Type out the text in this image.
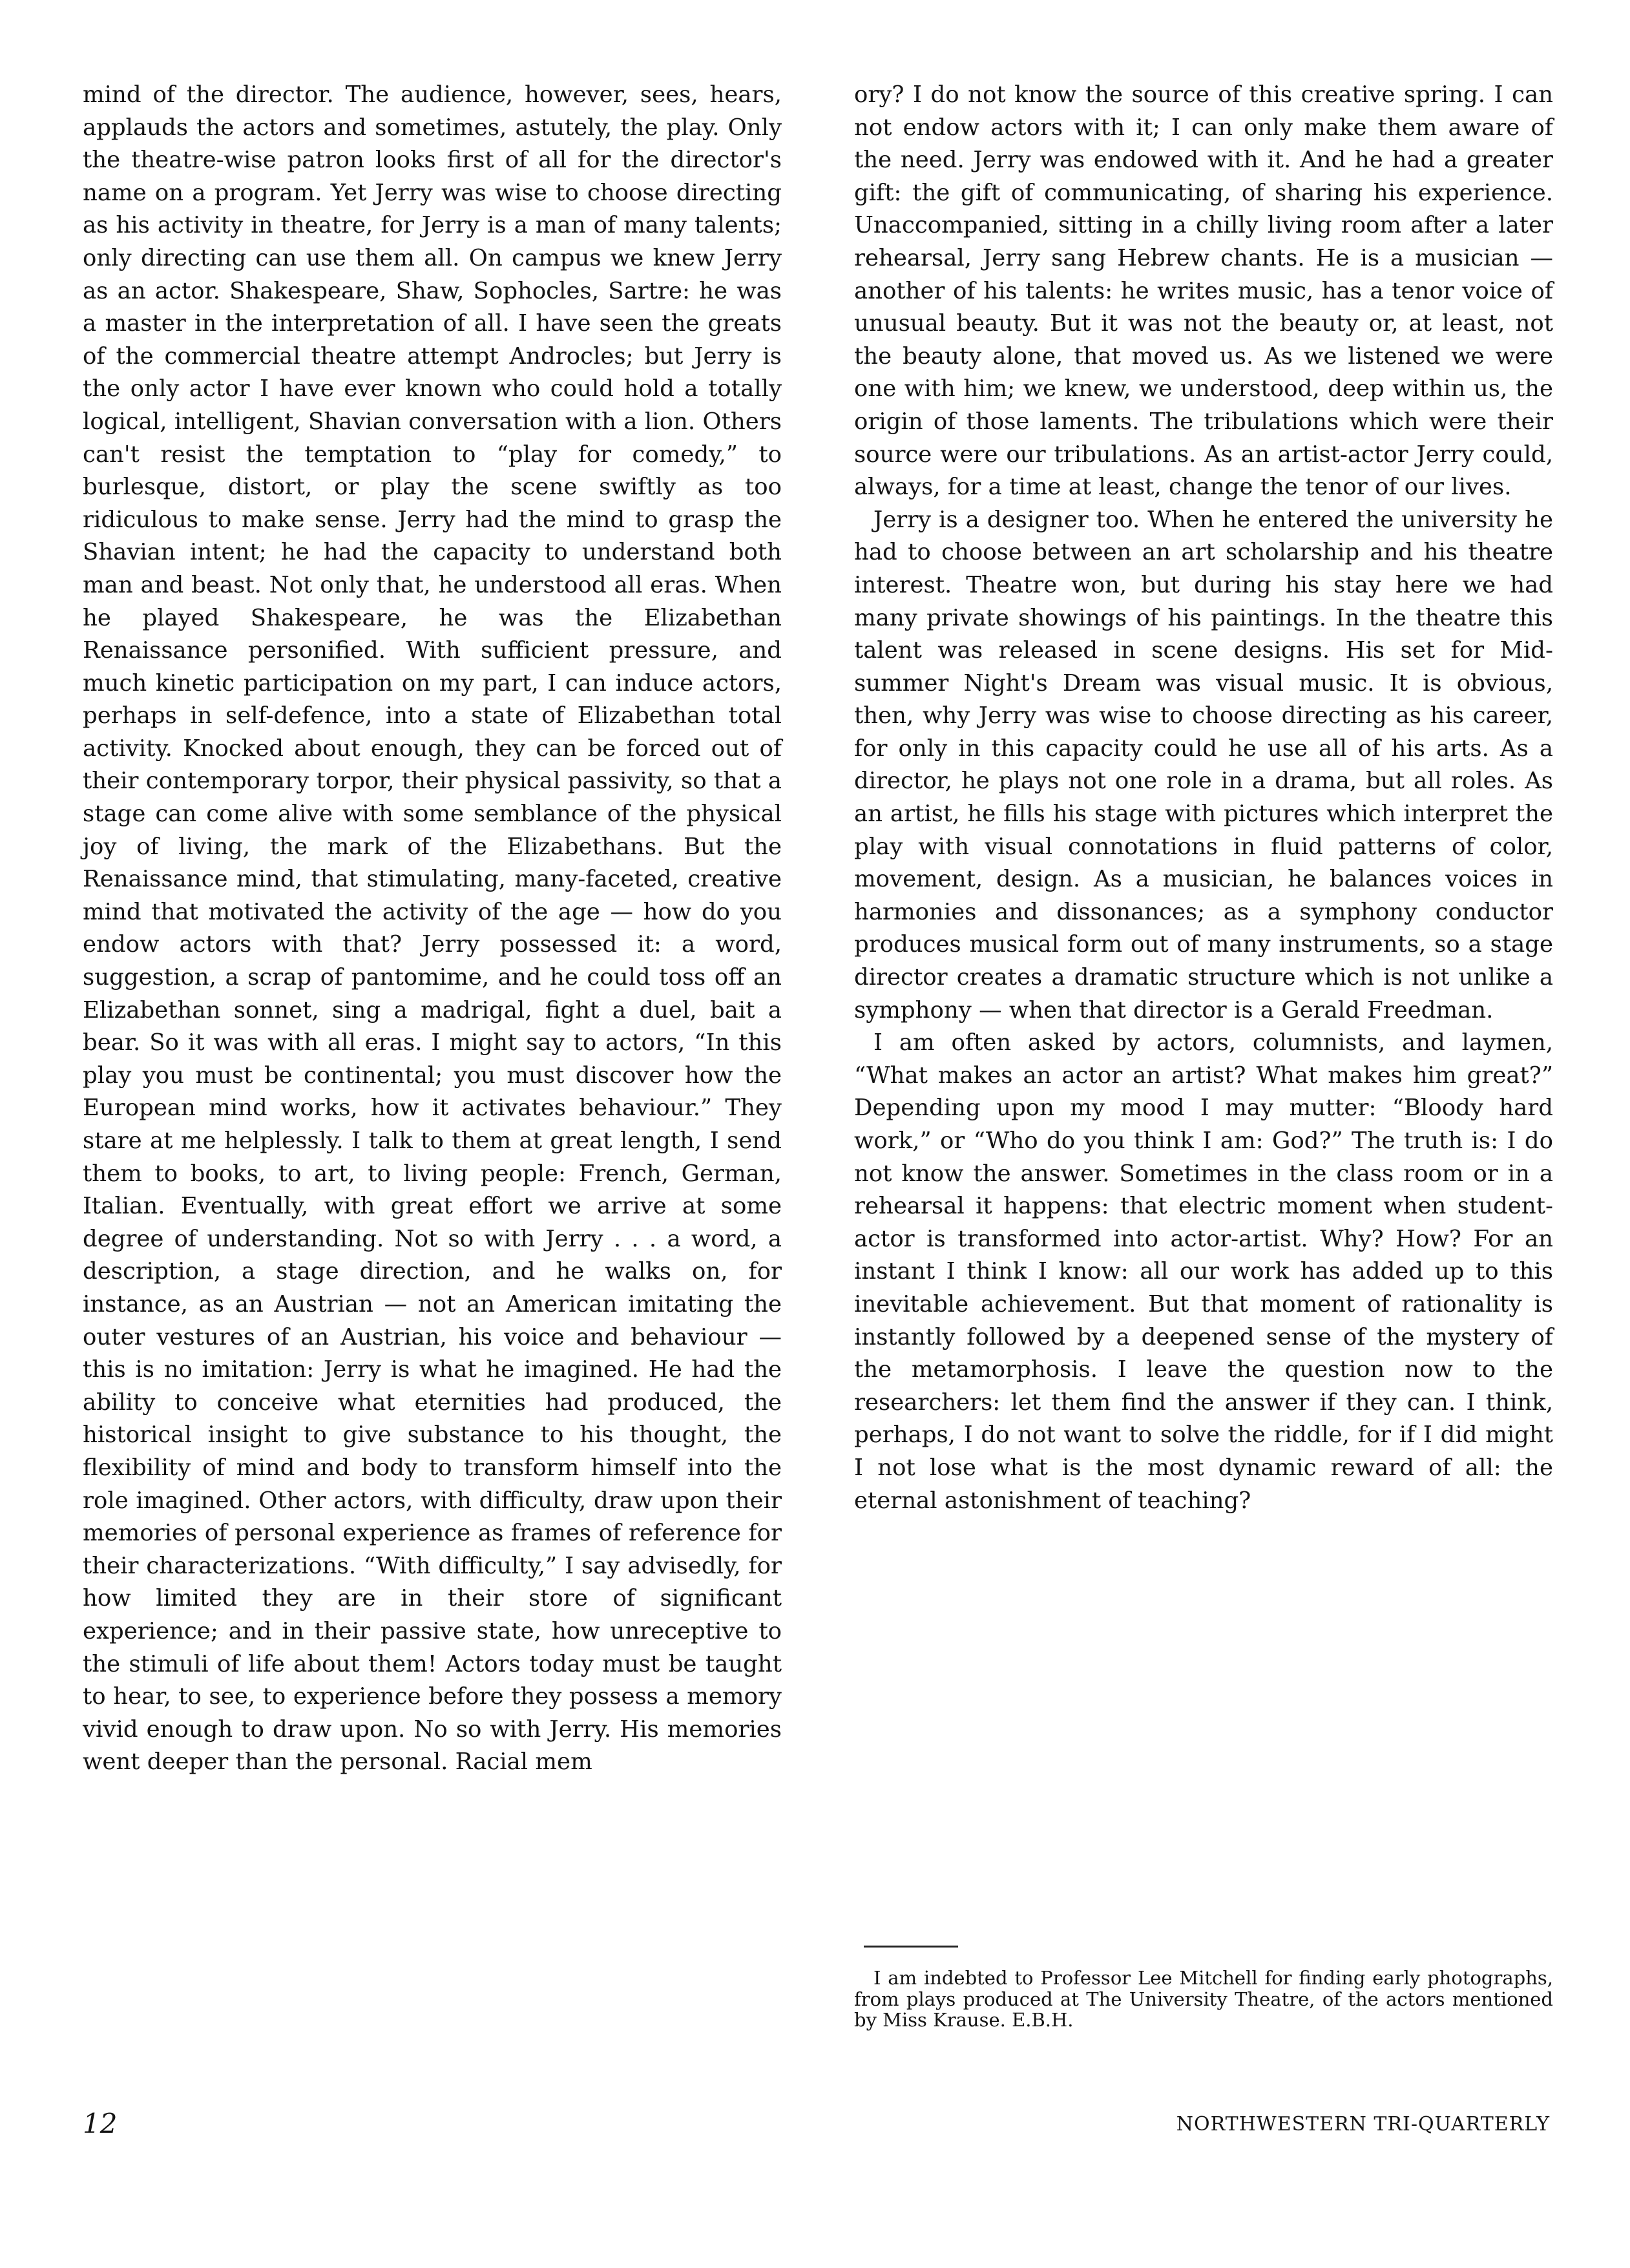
mind of the director. The audience, however, sees, hears, applauds the actors and sometimes, astutely, the play. Only the theatre-wise patron looks first of all for the director's name on a program. Yet Jerry was wise to choose directing as his activity in theatre, for Jerry is a man of many talents; only directing can use them all. On campus we knew Jerry as an actor. Shakespeare, Shaw, Sophocles, Sartre: he was a master in the interpretation of all. I have seen the greats of the commercial theatre attempt Androcles; but Jerry is the only actor I have ever known who could hold a totally logical, intelligent, Shavian conversation with a lion. Others can't resist the temptation to “play for comedy,” to burlesque, distort, or play the scene swiftly as too ridiculous to make sense. Jerry had the mind to grasp the Shavian intent; he had the capacity to understand both man and beast. Not only that, he understood all eras. When he played Shakespeare, he was the Elizabethan Renaissance personified. With sufficient pressure, and much kinetic participation on my part, I can induce actors, perhaps in self-defence, into a state of Elizabethan total activity. Knocked about enough, they can be forced out of their contemporary torpor, their physical passivity, so that a stage can come alive with some semblance of the physical joy of living, the mark of the Elizabethans. But the Renaissance mind, that stimulating, many-faceted, creative mind that motivated the activity of the age — how do you endow actors with that? Jerry possessed it: a word, suggestion, a scrap of pantomime, and he could toss off an Elizabethan sonnet, sing a madrigal, fight a duel, bait a bear. So it was with all eras. I might say to actors, “In this play you must be continental; you must discover how the European mind works, how it activates behaviour.” They stare at me helplessly. I talk to them at great length, I send them to books, to art, to living people: French, German, Italian. Eventually, with great effort we arrive at some degree of understanding. Not so with Jerry . . . a word, a description, a stage direction, and he walks on, for instance, as an Austrian — not an American imitating the outer vestures of an Austrian, his voice and behaviour — this is no imitation: Jerry is what he imagined. He had the ability to conceive what eternities had produced, the historical insight to give substance to his thought, the flexibility of mind and body to transform himself into the role imagined. Other actors, with difficulty, draw upon their memories of personal experience as frames of reference for their characterizations. “With difficulty,” I say advisedly, for how limited they are in their store of significant experience; and in their passive state, how unreceptive to the stimuli of life about them! Actors today must be taught to hear, to see, to experience before they possess a memory vivid enough to draw upon. No so with Jerry. His memories went deeper than the personal. Racial mem

ory? I do not know the source of this creative spring. I can not endow actors with it; I can only make them aware of the need. Jerry was endowed with it. And he had a greater gift: the gift of communicating, of sharing his experience. Unaccompanied, sitting in a chilly living room after a later rehearsal, Jerry sang Hebrew chants. He is a musician — another of his talents: he writes music, has a tenor voice of unusual beauty. But it was not the beauty or, at least, not the beauty alone, that moved us. As we listened we were one with him; we knew, we understood, deep within us, the origin of those laments. The tribulations which were their source were our tribulations. As an artist-actor Jerry could, always, for a time at least, change the tenor of our lives.

Jerry is a designer too. When he entered the university he had to choose between an art scholarship and his theatre interest. Theatre won, but during his stay here we had many private showings of his paintings. In the theatre this talent was released in scene designs. His set for Midsummer Night's Dream was visual music. It is obvious, then, why Jerry was wise to choose directing as his career, for only in this capacity could he use all of his arts. As a director, he plays not one role in a drama, but all roles. As an artist, he fills his stage with pictures which interpret the play with visual connotations in fluid patterns of color, movement, design. As a musician, he balances voices in harmonies and dissonances; as a symphony conductor produces musical form out of many instruments, so a stage director creates a dramatic structure which is not unlike a symphony — when that director is a Gerald Freedman.

I am often asked by actors, columnists, and laymen, “What makes an actor an artist? What makes him great?” Depending upon my mood I may mutter: “Bloody hard work,” or “Who do you think I am: God?” The truth is: I do not know the answer. Sometimes in the class room or in a rehearsal it happens: that electric moment when student-actor is transformed into actor-artist. Why? How? For an instant I think I know: all our work has added up to this inevitable achievement. But that moment of rationality is instantly followed by a deepened sense of the mystery of the metamorphosis. I leave the question now to the researchers: let them find the answer if they can. I think, perhaps, I do not want to solve the riddle, for if I did might I not lose what is the most dynamic reward of all: the eternal astonishment of teaching?

I am indebted to Professor Lee Mitchell for finding early photographs, from plays produced at The University Theatre, of the actors mentioned by Miss Krause. E.B.H.

12	NORTHWESTERN TRI-QUARTERLY
